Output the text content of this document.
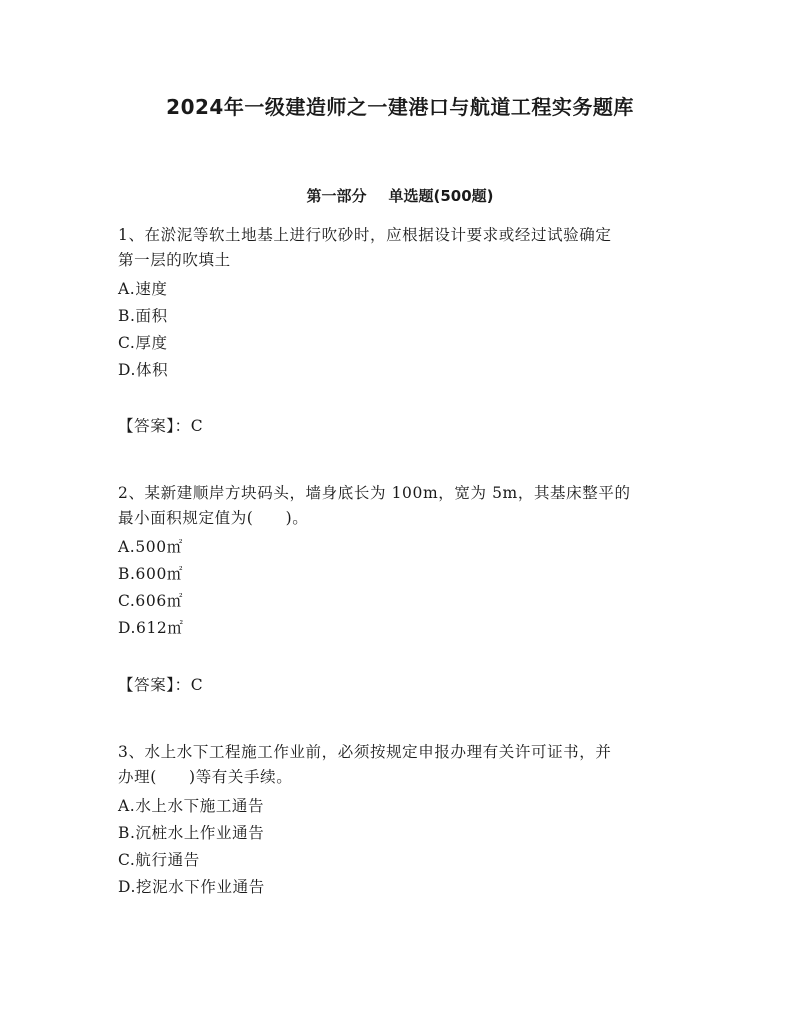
2024年一级建造师之一建港口与航道工程实务题库
第一部分 单选题(500题)
1、在淤泥等软土地基上进行吹砂时，应根据设计要求或经过试验确定
第一层的吹填土
A.速度
B.面积
C.厚度
D.体积
【答案】：C
2、某新建顺岸方块码头，墙身底长为 100m，宽为 5m，其基床整平的
最小面积规定值为(　　)。
A.500㎡
B.600㎡
C.606㎡
D.612㎡
【答案】：C
3、水上水下工程施工作业前，必须按规定申报办理有关许可证书，并
办理(　　)等有关手续。
A.水上水下施工通告
B.沉桩水上作业通告
C.航行通告
D.挖泥水下作业通告
